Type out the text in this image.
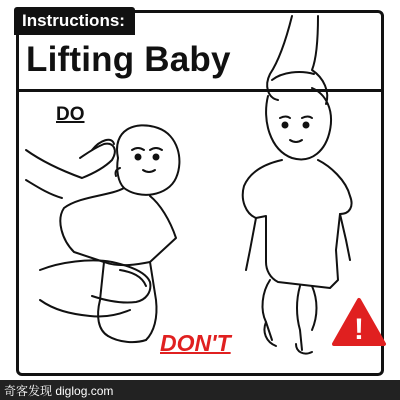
Instructions:
Lifting Baby
!
DO
DON'T
奇客发现 diglog.com
